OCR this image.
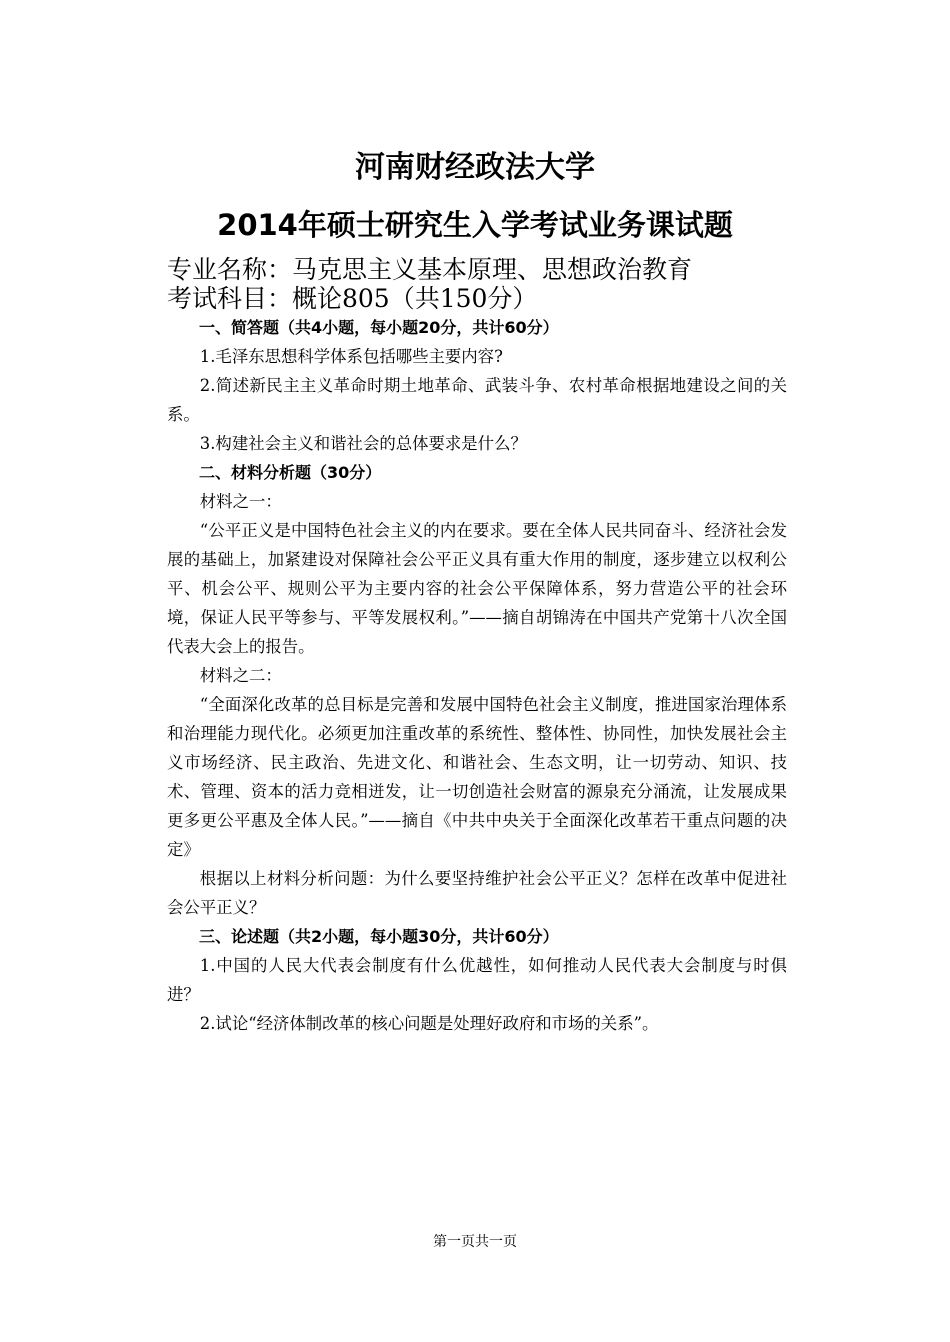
河南财经政法大学
2014年硕士研究生入学考试业务课试题
专业名称：马克思主义基本原理、思想政治教育
考试科目：概论805（共150分）

一、简答题（共4小题，每小题20分，共计60分）

1.毛泽东思想科学体系包括哪些主要内容?

2.简述新民主主义革命时期土地革命、武装斗争、农村革命根据地建设之间的关系。

3.构建社会主义和谐社会的总体要求是什么？

二、材料分析题（30分）

材料之一：

“公平正义是中国特色社会主义的内在要求。要在全体人民共同奋斗、经济社会发展的基础上，加紧建设对保障社会公平正义具有重大作用的制度，逐步建立以权利公平、机会公平、规则公平为主要内容的社会公平保障体系，努力营造公平的社会环境，保证人民平等参与、平等发展权利。”——摘自胡锦涛在中国共产党第十八次全国代表大会上的报告。

材料之二：

“全面深化改革的总目标是完善和发展中国特色社会主义制度，推进国家治理体系和治理能力现代化。必须更加注重改革的系统性、整体性、协同性，加快发展社会主义市场经济、民主政治、先进文化、和谐社会、生态文明，让一切劳动、知识、技术、管理、资本的活力竞相迸发，让一切创造社会财富的源泉充分涌流，让发展成果更多更公平惠及全体人民。”——摘自《中共中央关于全面深化改革若干重点问题的决定》

根据以上材料分析问题：为什么要坚持维护社会公平正义？怎样在改革中促进社会公平正义？

三、论述题（共2小题，每小题30分，共计60分）

1.中国的人民大代表会制度有什么优越性，如何推动人民代表大会制度与时俱进？

2.试论“经济体制改革的核心问题是处理好政府和市场的关系”。

第一页共一页
